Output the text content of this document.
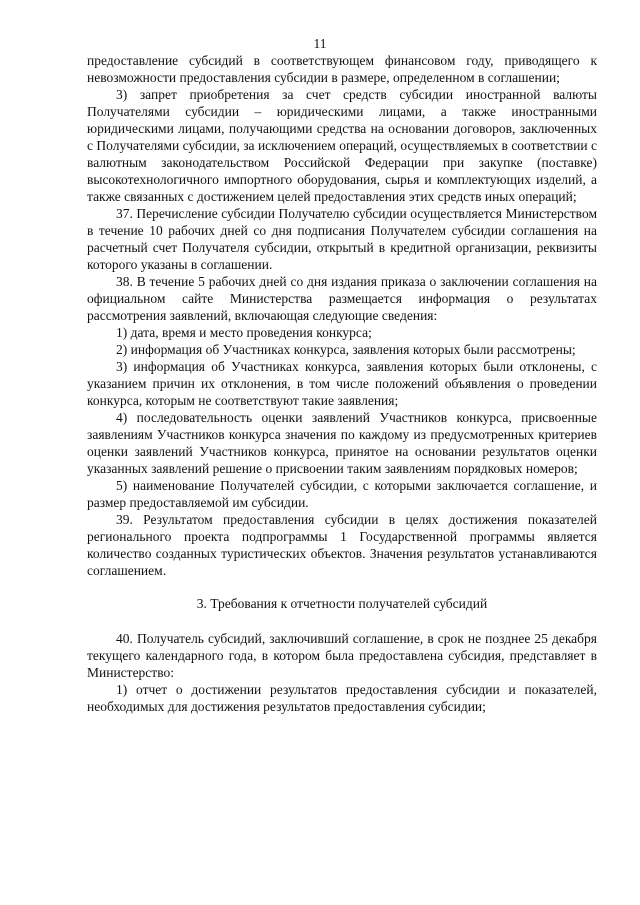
11

предоставление субсидий в соответствующем финансовом году, приводящего к невозможности предоставления субсидии в размере, определенном в соглашении;

3) запрет приобретения за счет средств субсидии иностранной валюты Получателями субсидии – юридическими лицами, а также иностранными юридическими лицами, получающими средства на основании договоров, заключенных с Получателями субсидии, за исключением операций, осуществляемых в соответствии с валютным законодательством Российской Федерации при закупке (поставке) высокотехнологичного импортного оборудования, сырья и комплектующих изделий, а также связанных с достижением целей предоставления этих средств иных операций;

37. Перечисление субсидии Получателю субсидии осуществляется Министерством в течение 10 рабочих дней со дня подписания Получателем субсидии соглашения на расчетный счет Получателя субсидии, открытый в кредитной организации, реквизиты которого указаны в соглашении.

38. В течение 5 рабочих дней со дня издания приказа о заключении соглашения на официальном сайте Министерства размещается информация о результатах рассмотрения заявлений, включающая следующие сведения:

1) дата, время и место проведения конкурса;

2) информация об Участниках конкурса, заявления которых были рассмотрены;

3) информация об Участниках конкурса, заявления которых были отклонены, с указанием причин их отклонения, в том числе положений объявления о проведении конкурса, которым не соответствуют такие заявления;

4) последовательность оценки заявлений Участников конкурса, присвоенные заявлениям Участников конкурса значения по каждому из предусмотренных критериев оценки заявлений Участников конкурса, принятое на основании результатов оценки указанных заявлений решение о присвоении таким заявлениям порядковых номеров;

5) наименование Получателей субсидии, с которыми заключается соглашение, и размер предоставляемой им субсидии.

39. Результатом предоставления субсидии в целях достижения показателей регионального проекта подпрограммы 1 Государственной программы является количество созданных туристических объектов. Значения результатов устанавливаются соглашением.

3. Требования к отчетности получателей субсидий

40. Получатель субсидий, заключивший соглашение, в срок не позднее 25 декабря текущего календарного года, в котором была предоставлена субсидия, представляет в Министерство:

1) отчет о достижении результатов предоставления субсидии и показателей, необходимых для достижения результатов предоставления субсидии;
